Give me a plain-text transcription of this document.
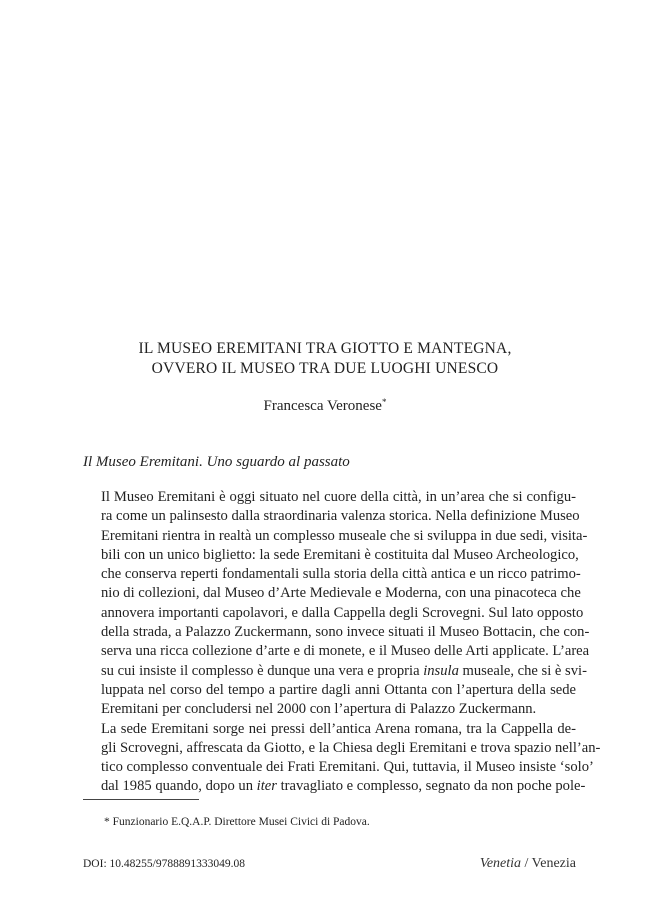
IL MUSEO EREMITANI TRA GIOTTO E MANTEGNA,
OVVERO IL MUSEO TRA DUE LUOGHI UNESCO
Francesca Veronese*
Il Museo Eremitani. Uno sguardo al passato

Il Museo Eremitani è oggi situato nel cuore della città, in un’area che si configu-
ra come un palinsesto dalla straordinaria valenza storica. Nella definizione Museo
Eremitani rientra in realtà un complesso museale che si sviluppa in due sedi, visita-
bili con un unico biglietto: la sede Eremitani è costituita dal Museo Archeologico,
che conserva reperti fondamentali sulla storia della città antica e un ricco patrimo-
nio di collezioni, dal Museo d’Arte Medievale e Moderna, con una pinacoteca che
annovera importanti capolavori, e dalla Cappella degli Scrovegni. Sul lato opposto
della strada, a Palazzo Zuckermann, sono invece situati il Museo Bottacin, che con-
serva una ricca collezione d’arte e di monete, e il Museo delle Arti applicate. L’area
su cui insiste il complesso è dunque una vera e propria insula museale, che si è svi-
luppata nel corso del tempo a partire dagli anni Ottanta con l’apertura della sede
Eremitani per concludersi nel 2000 con l’apertura di Palazzo Zuckermann.

La sede Eremitani sorge nei pressi dell’antica Arena romana, tra la Cappella de-
gli Scrovegni, affrescata da Giotto, e la Chiesa degli Eremitani e trova spazio nell’an-
tico complesso conventuale dei Frati Eremitani. Qui, tuttavia, il Museo insiste ‘solo’
dal 1985 quando, dopo un iter travagliato e complesso, segnato da non poche pole-

* Funzionario E.Q.A.P. Direttore Musei Civici di Padova.
DOI: 10.48255/9788891333049.08	Venetia / Venezia
